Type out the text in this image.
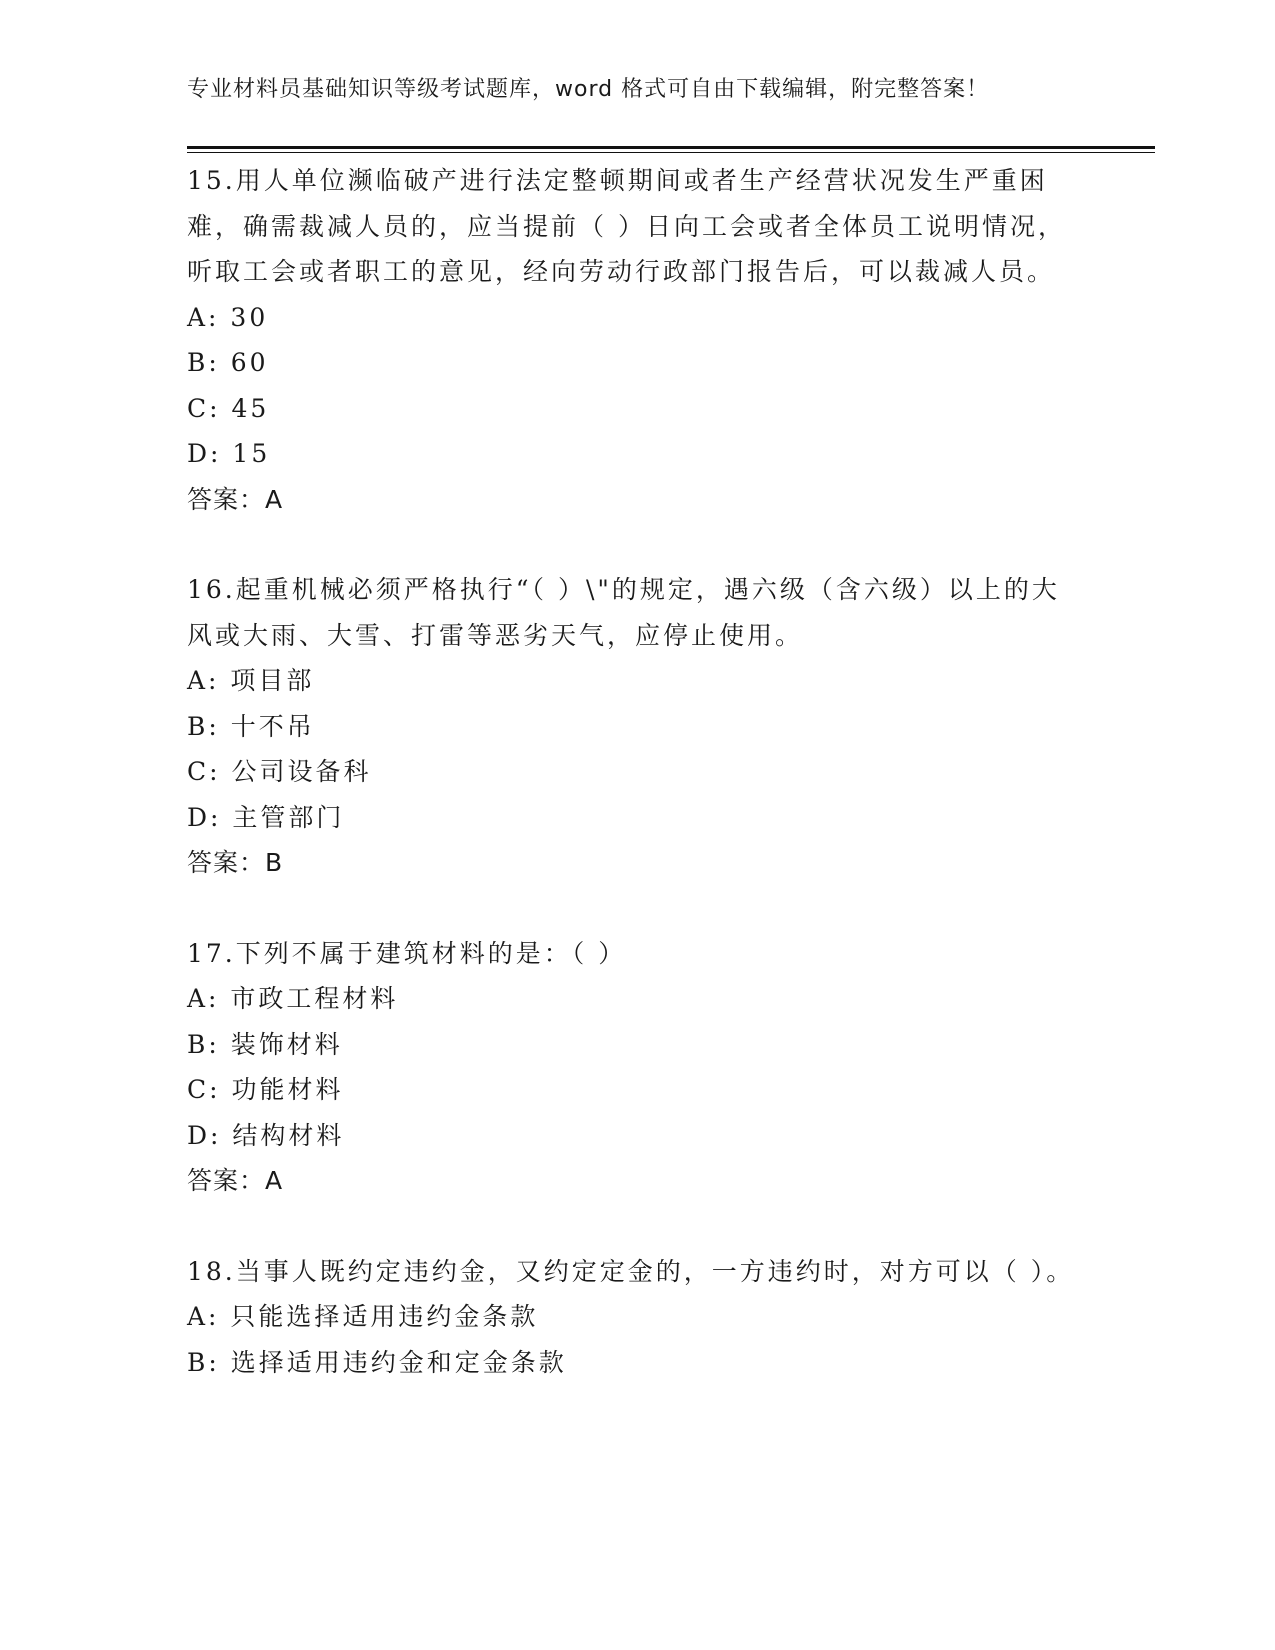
专业材料员基础知识等级考试题库，word 格式可自由下载编辑，附完整答案！

15.用人单位濒临破产进行法定整顿期间或者生产经营状况发生严重困难，确需裁减人员的，应当提前（ ）日向工会或者全体员工说明情况，听取工会或者职工的意见，经向劳动行政部门报告后，可以裁减人员。

A: 30

B: 60

C: 45

D: 15

答案：A

16.起重机械必须严格执行“（ ）\"的规定，遇六级（含六级）以上的大风或大雨、大雪、打雷等恶劣天气，应停止使用。

A: 项目部

B: 十不吊

C: 公司设备科

D: 主管部门

答案：B

17.下列不属于建筑材料的是：（ ）

A: 市政工程材料

B: 装饰材料

C: 功能材料

D: 结构材料

答案：A

18.当事人既约定违约金，又约定定金的，一方违约时，对方可以（ ）。

A: 只能选择适用违约金条款

B: 选择适用违约金和定金条款
